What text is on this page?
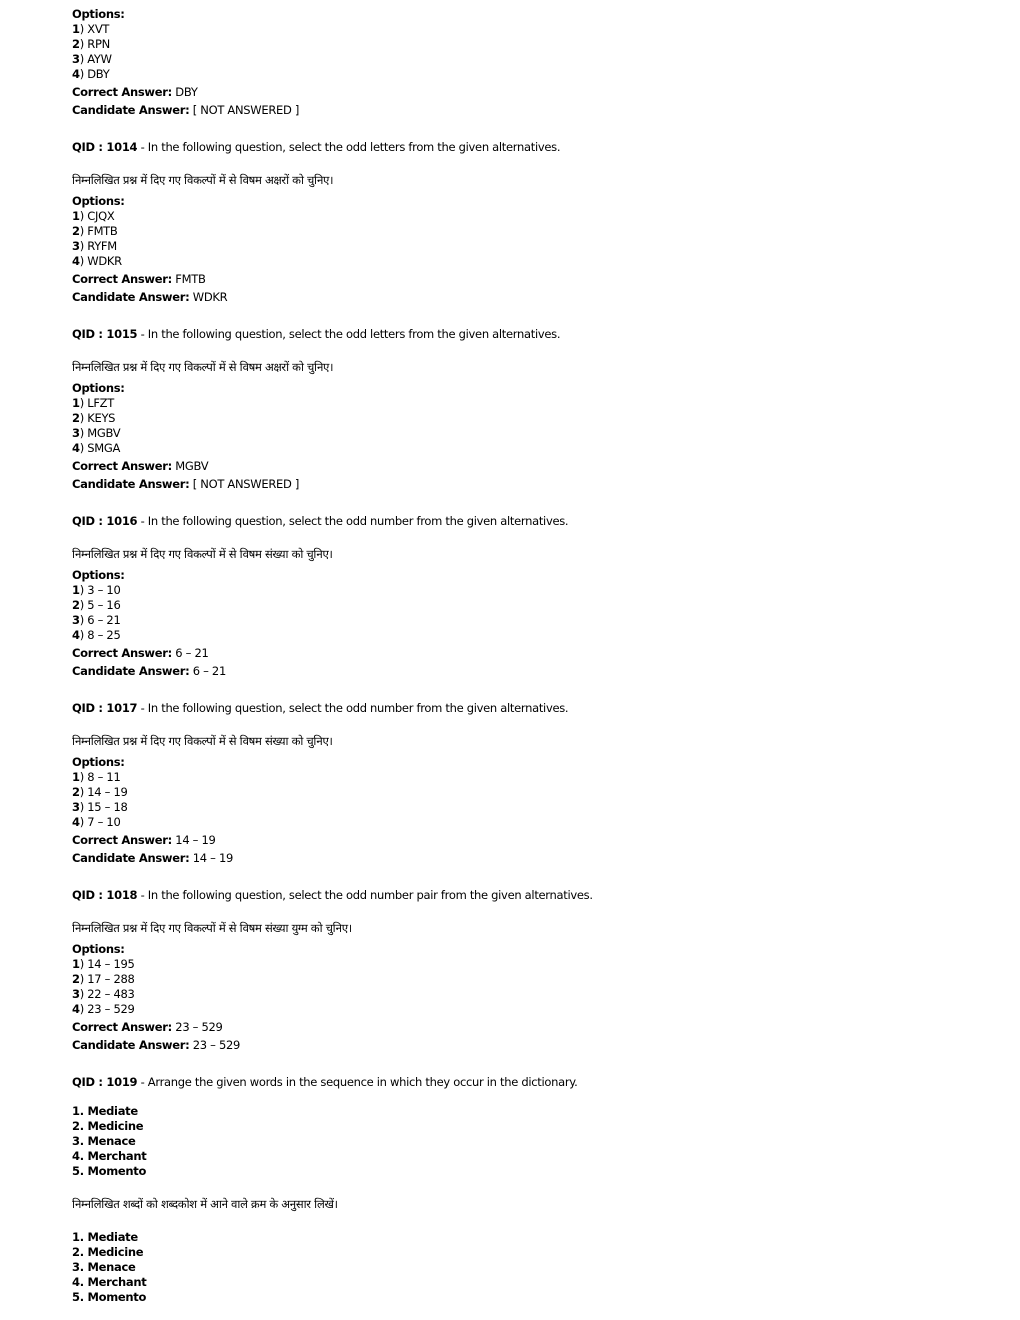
Options:
1) XVT
2) RPN
3) AYW
4) DBY
Correct Answer: DBY
Candidate Answer: [ NOT ANSWERED ]
QID : 1014 - In the following question, select the odd letters from the given alternatives.
निम्नलिखित प्रश्न में दिए गए विकल्पों में से विषम अक्षरों को चुनिए।
Options:
1) CJQX
2) FMTB
3) RYFM
4) WDKR
Correct Answer: FMTB
Candidate Answer: WDKR
QID : 1015 - In the following question, select the odd letters from the given alternatives.
निम्नलिखित प्रश्न में दिए गए विकल्पों में से विषम अक्षरों को चुनिए।
Options:
1) LFZT
2) KEYS
3) MGBV
4) SMGA
Correct Answer: MGBV
Candidate Answer: [ NOT ANSWERED ]
QID : 1016 - In the following question, select the odd number from the given alternatives.
निम्नलिखित प्रश्न में दिए गए विकल्पों में से विषम संख्या को चुनिए।
Options:
1) 3 – 10
2) 5 – 16
3) 6 – 21
4) 8 – 25
Correct Answer: 6 – 21
Candidate Answer: 6 – 21
QID : 1017 - In the following question, select the odd number from the given alternatives.
निम्नलिखित प्रश्न में दिए गए विकल्पों में से विषम संख्या को चुनिए।
Options:
1) 8 – 11
2) 14 – 19
3) 15 – 18
4) 7 – 10
Correct Answer: 14 – 19
Candidate Answer: 14 – 19
QID : 1018 - In the following question, select the odd number pair from the given alternatives.
निम्नलिखित प्रश्न में दिए गए विकल्पों में से विषम संख्या युग्म को चुनिए।
Options:
1) 14 – 195
2) 17 – 288
3) 22 – 483
4) 23 – 529
Correct Answer: 23 – 529
Candidate Answer: 23 – 529
QID : 1019 - Arrange the given words in the sequence in which they occur in the dictionary.
1. Mediate
2. Medicine
3. Menace
4. Merchant
5. Momento
निम्नलिखित शब्दों को शब्दकोश में आने वाले क्रम के अनुसार लिखें।
1. Mediate
2. Medicine
3. Menace
4. Merchant
5. Momento
